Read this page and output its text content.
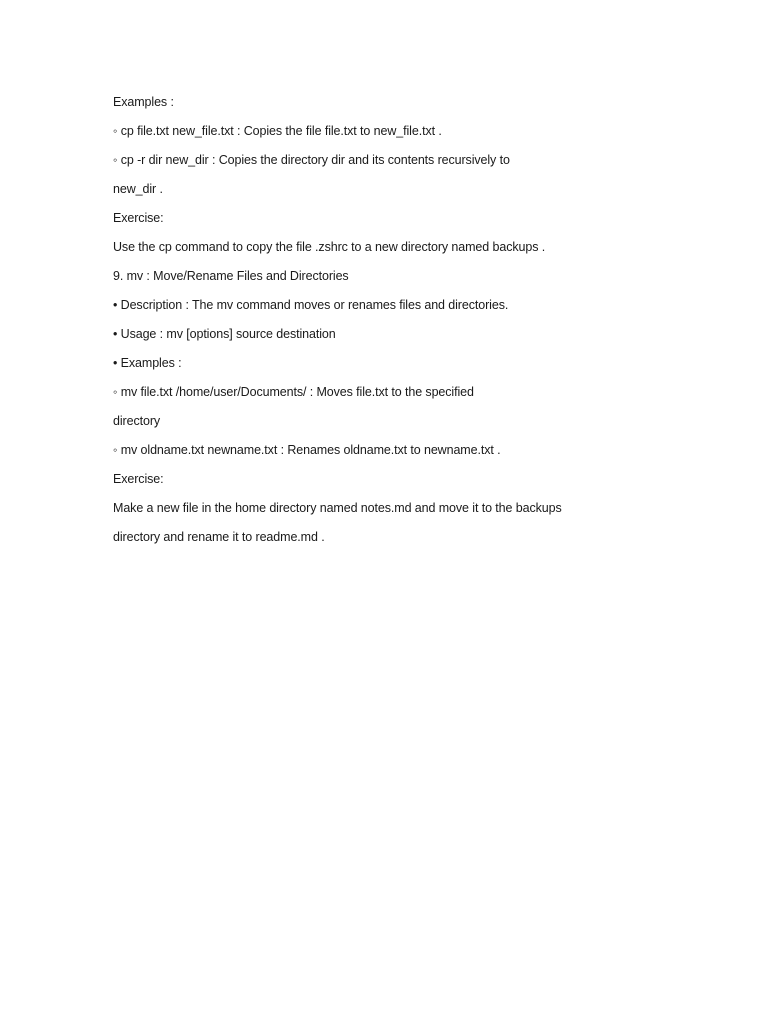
Examples :
◦ cp file.txt new_file.txt : Copies the file file.txt to new_file.txt .
◦ cp -r dir new_dir : Copies the directory dir and its contents recursively to
new_dir .
Exercise:
Use the cp command to copy the file .zshrc to a new directory named backups .
9. mv : Move/Rename Files and Directories
• Description : The mv command moves or renames files and directories.
• Usage : mv [options] source destination
• Examples :
◦ mv file.txt /home/user/Documents/ : Moves file.txt to the specified
directory
◦ mv oldname.txt newname.txt : Renames oldname.txt to newname.txt .
Exercise:
Make a new file in the home directory named notes.md and move it to the backups
directory and rename it to readme.md .
